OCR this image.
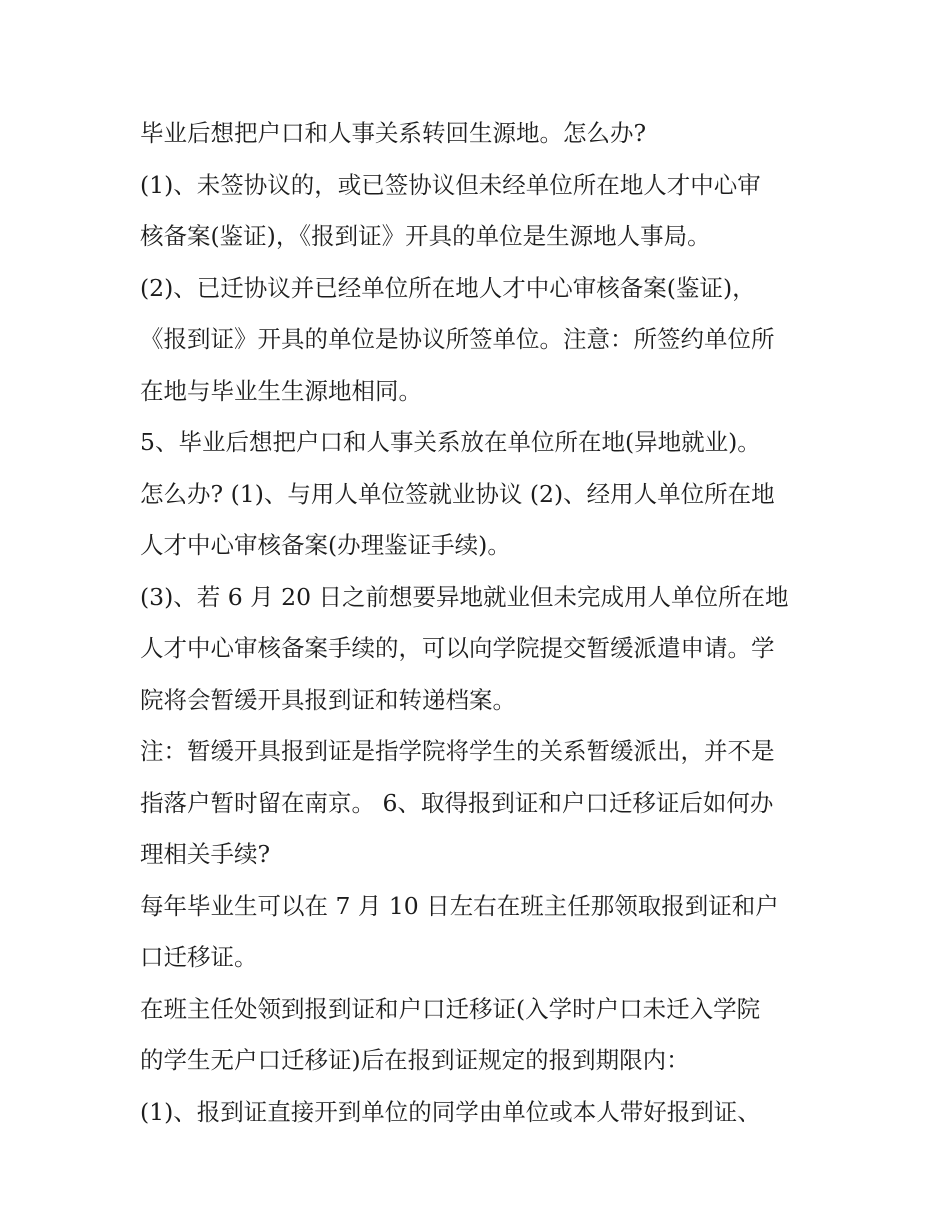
毕业后想把户口和人事关系转回生源地。怎么办?
(1)、未签协议的，或已签协议但未经单位所在地人才中心审
核备案(鉴证)，《报到证》开具的单位是生源地人事局。
(2)、已迁协议并已经单位所在地人才中心审核备案(鉴证)，
《报到证》开具的单位是协议所签单位。注意：所签约单位所
在地与毕业生生源地相同。
5、毕业后想把户口和人事关系放在单位所在地(异地就业)。
怎么办? (1)、与用人单位签就业协议 (2)、经用人单位所在地
人才中心审核备案(办理鉴证手续)。
(3)、若 6 月 20 日之前想要异地就业但未完成用人单位所在地
人才中心审核备案手续的，可以向学院提交暂缓派遣申请。学
院将会暂缓开具报到证和转递档案。
注：暂缓开具报到证是指学院将学生的关系暂缓派出，并不是
指落户暂时留在南京。 6、取得报到证和户口迁移证后如何办
理相关手续?
每年毕业生可以在 7 月 10 日左右在班主任那领取报到证和户
口迁移证。
在班主任处领到报到证和户口迁移证(入学时户口未迁入学院
的学生无户口迁移证)后在报到证规定的报到期限内：
(1)、报到证直接开到单位的同学由单位或本人带好报到证、
